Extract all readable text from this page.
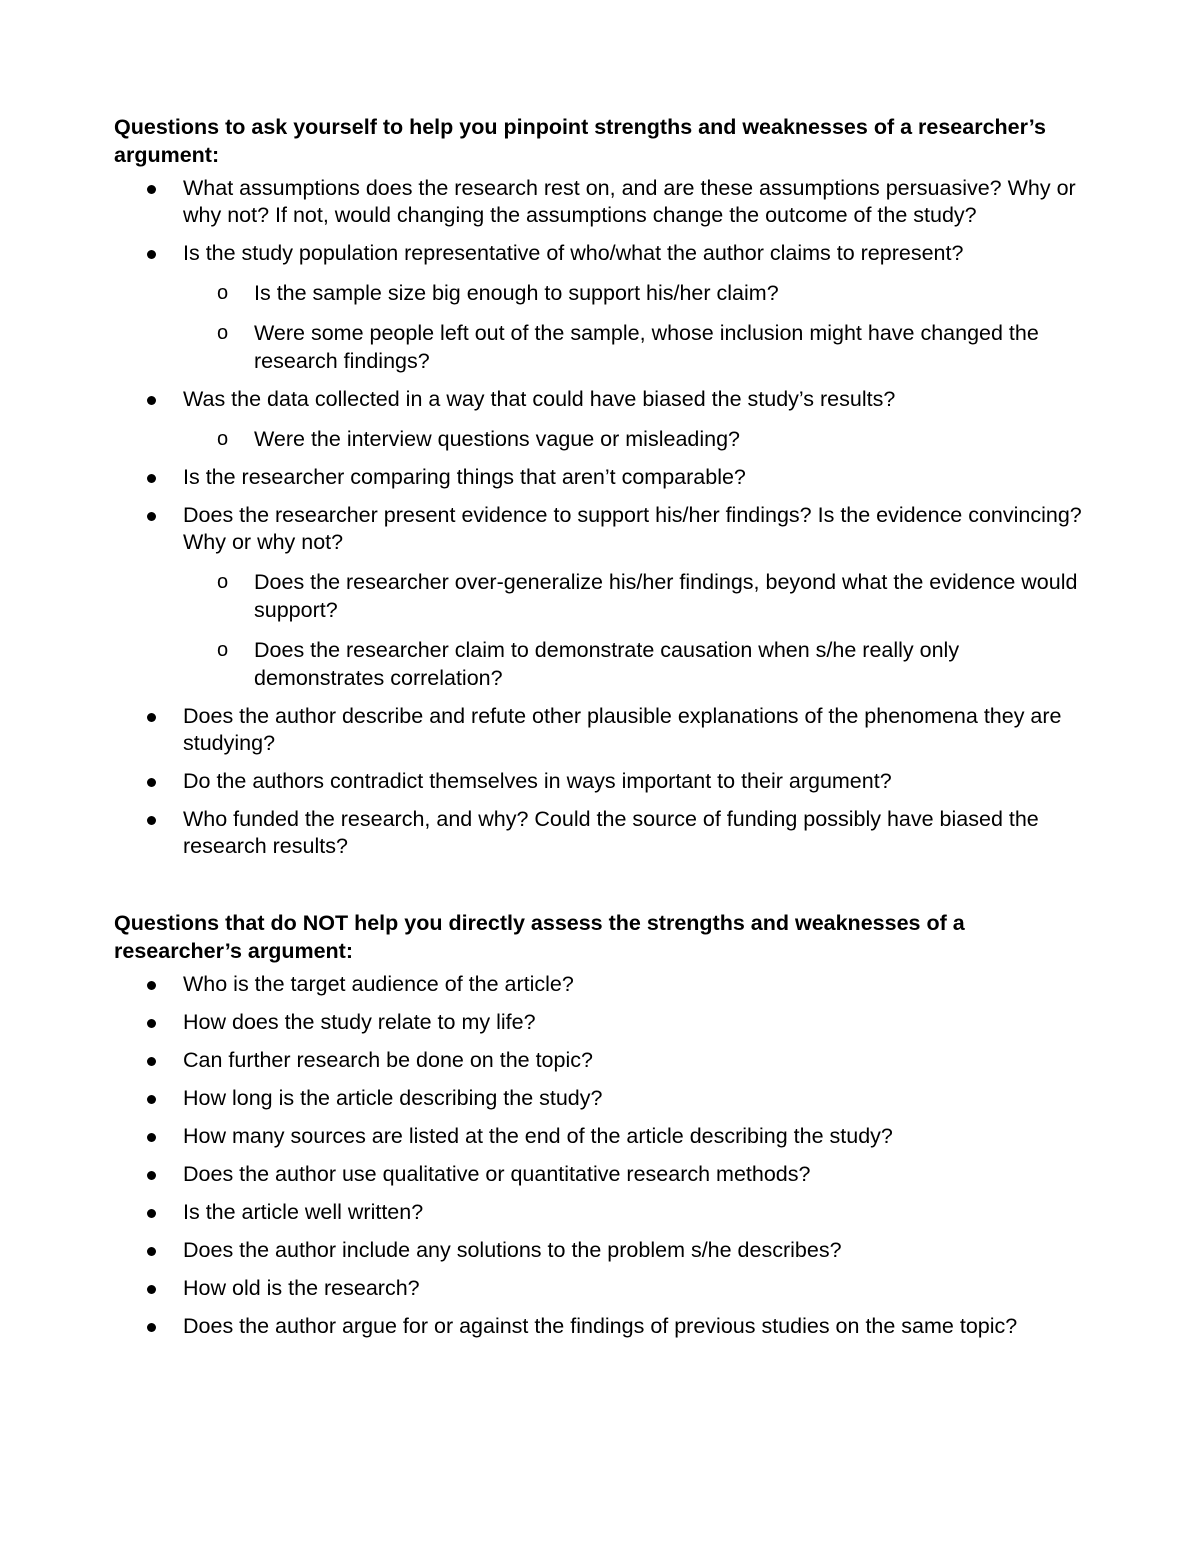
Questions to ask yourself to help you pinpoint strengths and weaknesses of a researcher’s argument:
What assumptions does the research rest on, and are these assumptions persuasive? Why or why not? If not, would changing the assumptions change the outcome of the study?
Is the study population representative of who/what the author claims to represent?
o Is the sample size big enough to support his/her claim?
o Were some people left out of the sample, whose inclusion might have changed the research findings?
Was the data collected in a way that could have biased the study’s results?
o Were the interview questions vague or misleading?
Is the researcher comparing things that aren’t comparable?
Does the researcher present evidence to support his/her findings? Is the evidence convincing? Why or why not?
o Does the researcher over-generalize his/her findings, beyond what the evidence would support?
o Does the researcher claim to demonstrate causation when s/he really only demonstrates correlation?
Does the author describe and refute other plausible explanations of the phenomena they are studying?
Do the authors contradict themselves in ways important to their argument?
Who funded the research, and why? Could the source of funding possibly have biased the research results?
Questions that do NOT help you directly assess the strengths and weaknesses of a researcher’s argument:
Who is the target audience of the article?
How does the study relate to my life?
Can further research be done on the topic?
How long is the article describing the study?
How many sources are listed at the end of the article describing the study?
Does the author use qualitative or quantitative research methods?
Is the article well written?
Does the author include any solutions to the problem s/he describes?
How old is the research?
Does the author argue for or against the findings of previous studies on the same topic?
